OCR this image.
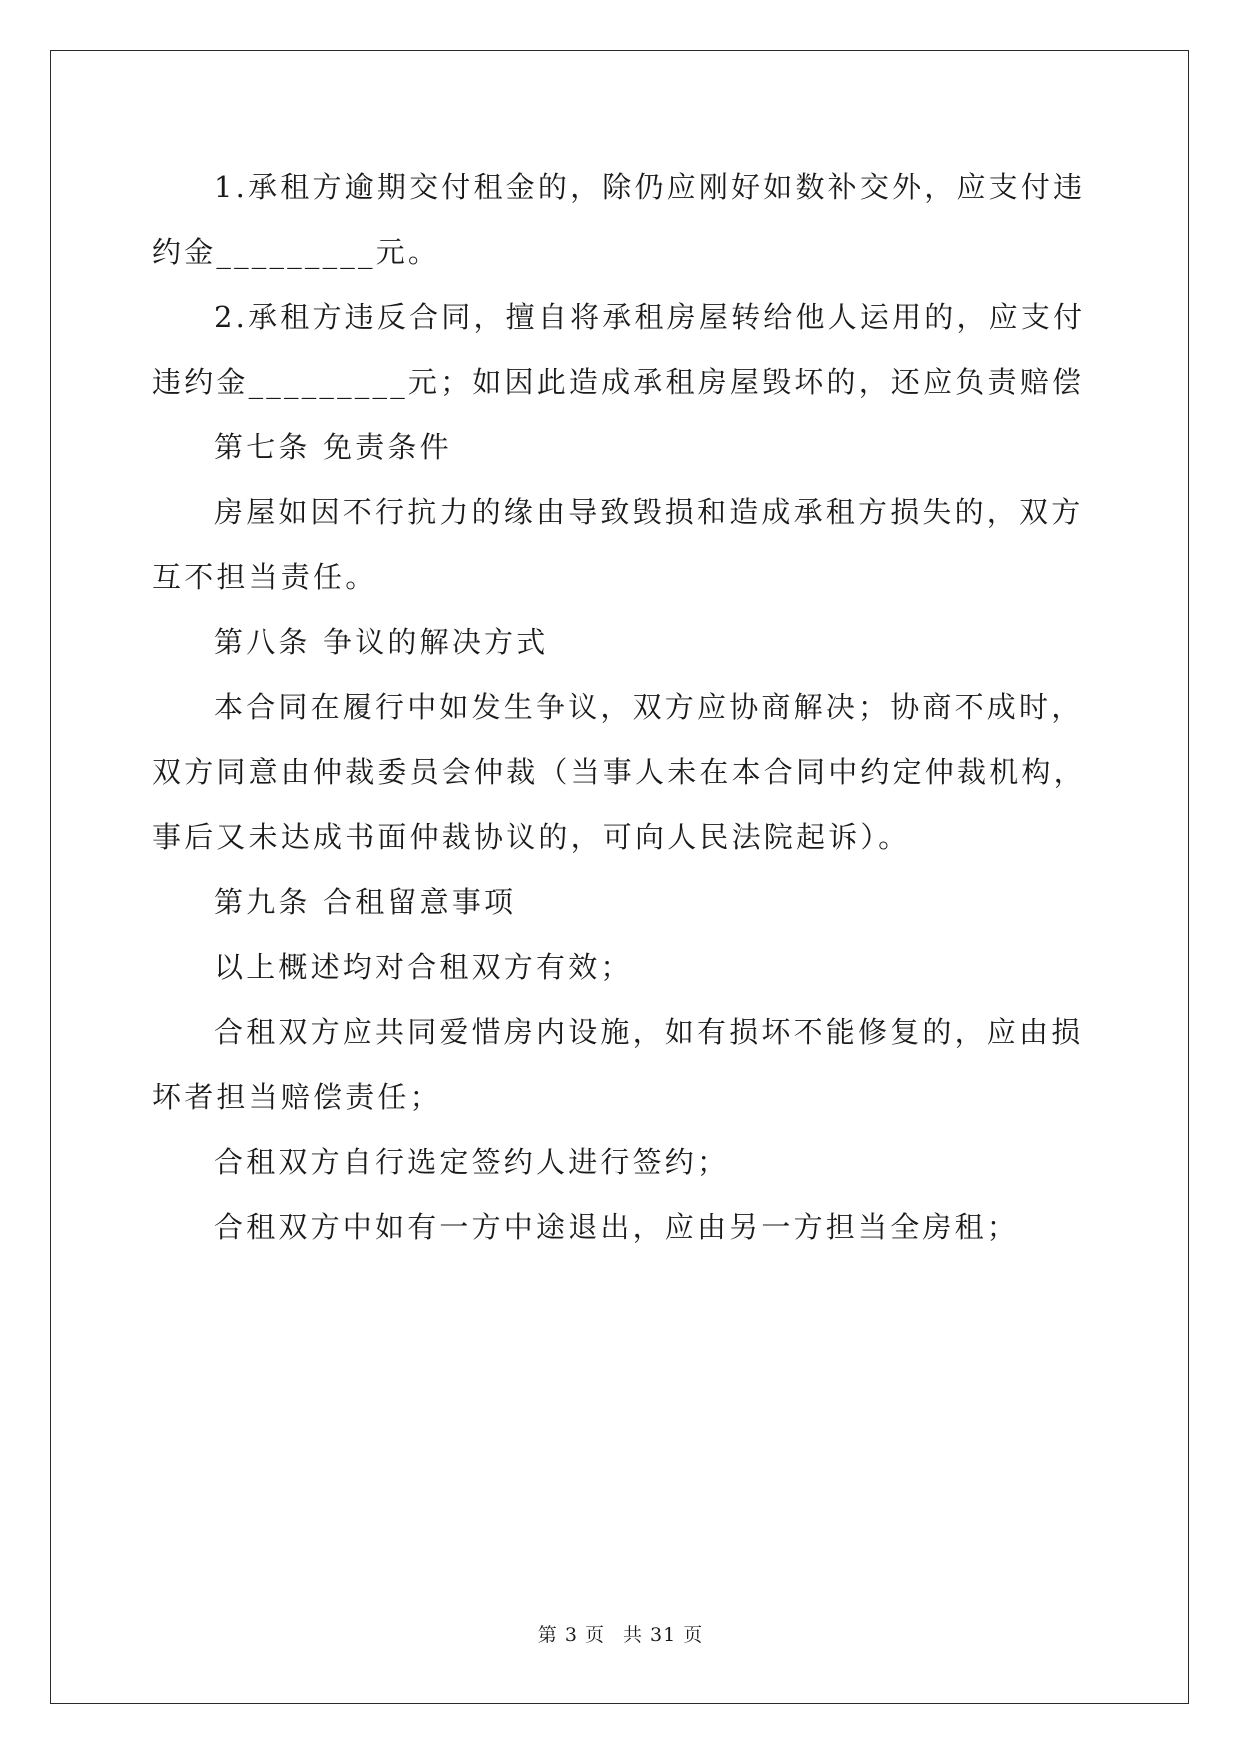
1.承租方逾期交付租金的，除仍应刚好如数补交外，应支付违约金_________元。

2.承租方违反合同，擅自将承租房屋转给他人运用的，应支付违约金_________元；如因此造成承租房屋毁坏的，还应负责赔偿

第七条 免责条件

房屋如因不行抗力的缘由导致毁损和造成承租方损失的，双方互不担当责任。

第八条 争议的解决方式

本合同在履行中如发生争议，双方应协商解决；协商不成时，双方同意由仲裁委员会仲裁（当事人未在本合同中约定仲裁机构，事后又未达成书面仲裁协议的，可向人民法院起诉）。

第九条 合租留意事项

以上概述均对合租双方有效；

合租双方应共同爱惜房内设施，如有损坏不能修复的，应由损坏者担当赔偿责任；

合租双方自行选定签约人进行签约；

合租双方中如有一方中途退出，应由另一方担当全房租；

第 3 页 共 31 页
